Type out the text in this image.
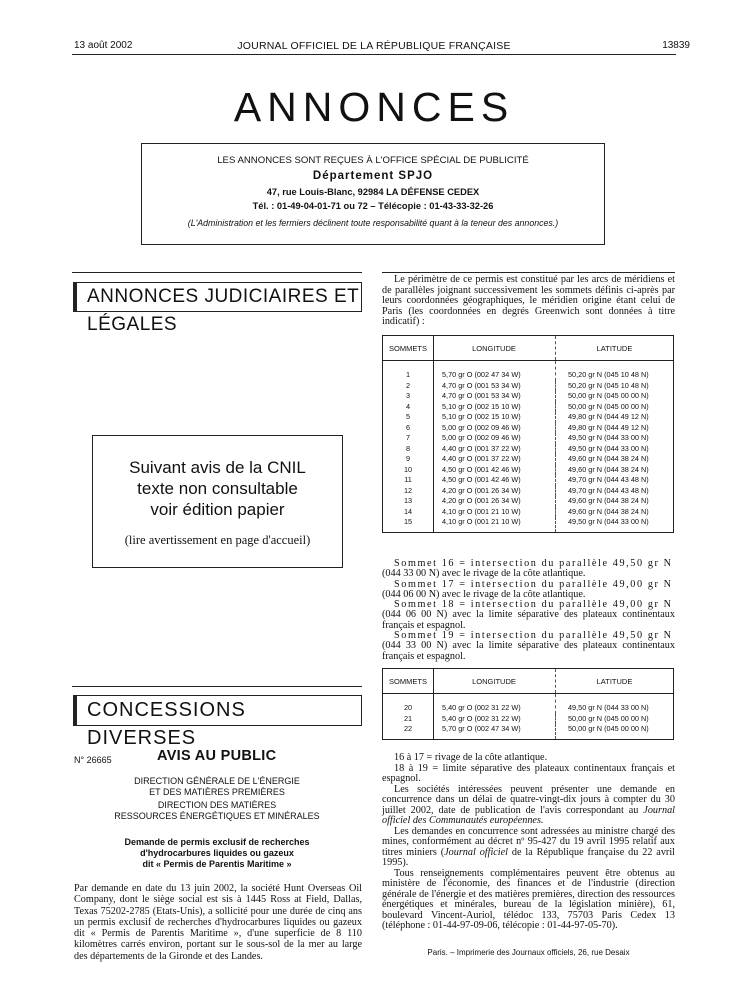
13 août 2002	JOURNAL OFFICIEL DE LA RÉPUBLIQUE FRANÇAISE	13839
ANNONCES
LES ANNONCES SONT REÇUES À L'OFFICE SPÉCIAL DE PUBLICITÉ
Département SPJO
47, rue Louis-Blanc, 92984 LA DÉFENSE CEDEX
Tél. : 01-49-04-01-71 ou 72 – Télécopie : 01-43-33-32-26
(L'Administration et les fermiers déclinent toute responsabilité quant à la teneur des annonces.)
ANNONCES JUDICIAIRES ET LÉGALES
Suivant avis de la CNIL
texte non consultable
voir édition papier
(lire avertissement en page d'accueil)
CONCESSIONS DIVERSES
N° 26665	AVIS AU PUBLIC
DIRECTION GÉNÉRALE DE L'ÉNERGIE
ET DES MATIÈRES PREMIÈRES
DIRECTION DES MATIÈRES
RESSOURCES ÉNERGÉTIQUES ET MINÉRALES
Demande de permis exclusif de recherches
d'hydrocarbures liquides ou gazeux
dit « Permis de Parentis Maritime »
Par demande en date du 13 juin 2002, la société Hunt Overseas Oil Company, dont le siège social est sis à 1445 Ross at Field, Dallas, Texas 75202-2785 (Etats-Unis), a sollicité pour une durée de cinq ans un permis exclusif de recherches d'hydrocarbures liquides ou gazeux dit « Permis de Parentis Maritime », d'une superficie de 8 110 kilomètres carrés environ, portant sur le sous-sol de la mer au large des départements de la Gironde et des Landes.
Le périmètre de ce permis est constitué par les arcs de méridiens et de parallèles joignant successivement les sommets définis ci-après par leurs coordonnées géographiques, le méridien origine étant celui de Paris (les coordonnées en degrés Greenwich sont données à titre indicatif) :
SOMMETS	LONGITUDE	LATITUDE
1	5,70 gr O (002 47 34 W)	50,20 gr N (045 10 48 N)
2	4,70 gr O (001 53 34 W)	50,20 gr N (045 10 48 N)
3	4,70 gr O (001 53 34 W)	50,00 gr N (045 00 00 N)
4	5,10 gr O (002 15 10 W)	50,00 gr N (045 00 00 N)
5	5,10 gr O (002 15 10 W)	49,80 gr N (044 49 12 N)
6	5,00 gr O (002 09 46 W)	49,80 gr N (044 49 12 N)
7	5,00 gr O (002 09 46 W)	49,50 gr N (044 33 00 N)
8	4,40 gr O (001 37 22 W)	49,50 gr N (044 33 00 N)
9	4,40 gr O (001 37 22 W)	49,60 gr N (044 38 24 N)
10	4,50 gr O (001 42 46 W)	49,60 gr N (044 38 24 N)
11	4,50 gr O (001 42 46 W)	49,70 gr N (044 43 48 N)
12	4,20 gr O (001 26 34 W)	49,70 gr N (044 43 48 N)
13	4,20 gr O (001 26 34 W)	49,60 gr N (044 38 24 N)
14	4,10 gr O (001 21 10 W)	49,60 gr N (044 38 24 N)
15	4,10 gr O (001 21 10 W)	49,50 gr N (044 33 00 N)
Sommet 16 = intersection du parallèle 49,50 gr N
(044 33 00 N) avec le rivage de la côte atlantique.
Sommet 17 = intersection du parallèle 49,00 gr N
(044 06 00 N) avec le rivage de la côte atlantique.
Sommet 18 = intersection du parallèle 49,00 gr N
(044 06 00 N) avec la limite séparative des plateaux continentaux français et espagnol.
Sommet 19 = intersection du parallèle 49,50 gr N
(044 33 00 N) avec la limite séparative des plateaux continentaux français et espagnol.
SOMMETS	LONGITUDE	LATITUDE
20	5,40 gr O (002 31 22 W)	49,50 gr N (044 33 00 N)
21	5,40 gr O (002 31 22 W)	50,00 gr N (045 00 00 N)
22	5,70 gr O (002 47 34 W)	50,00 gr N (045 00 00 N)
16 à 17 = rivage de la côte atlantique.
18 à 19 = limite séparative des plateaux continentaux français et espagnol.
Les sociétés intéressées peuvent présenter une demande en concurrence dans un délai de quatre-vingt-dix jours à compter du 30 juillet 2002, date de publication de l'avis correspondant au Journal officiel des Communautés européennes.
Les demandes en concurrence sont adressées au ministre chargé des mines, conformément au décret nº 95-427 du 19 avril 1995 relatif aux titres miniers (Journal officiel de la République française du 22 avril 1995).
Tous renseignements complémentaires peuvent être obtenus au ministère de l'économie, des finances et de l'industrie (direction générale de l'énergie et des matières premières, direction des ressources énergétiques et minérales, bureau de la législation minière), 61, boulevard Vincent-Auriol, télédoc 133, 75703 Paris Cedex 13 (téléphone : 01-44-97-09-06, télécopie : 01-44-97-05-70).
Paris. – Imprimerie des Journaux officiels, 26, rue Desaix
